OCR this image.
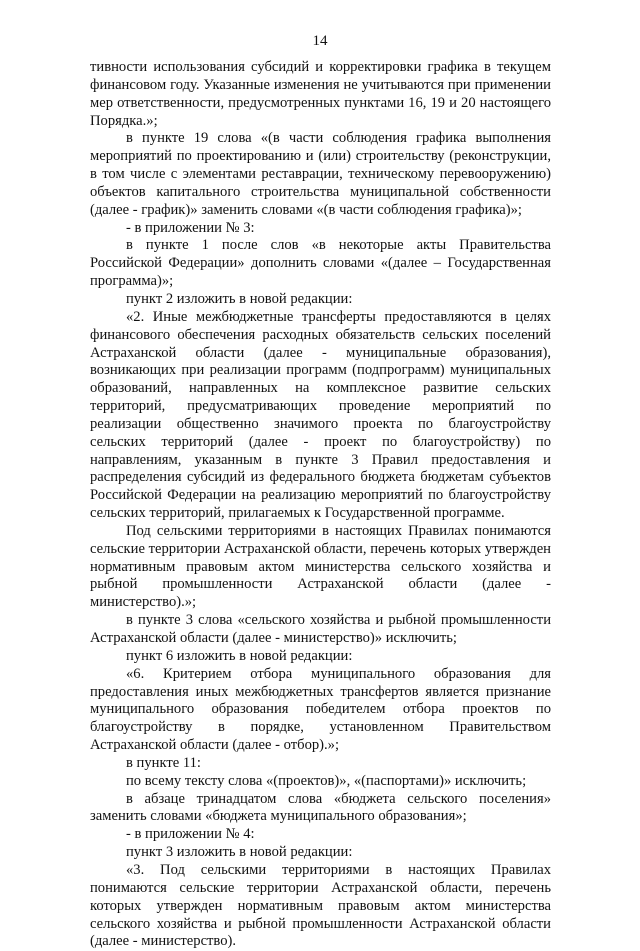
14

тивности использования субсидий и корректировки графика в текущем финансовом году. Указанные изменения не учитываются при применении мер ответственности, предусмотренных пунктами 16, 19 и 20 настоящего Порядка.»;

в пункте 19 слова «(в части соблюдения графика выполнения мероприятий по проектированию и (или) строительству (реконструкции, в том числе с элементами реставрации, техническому перевооружению) объектов капитального строительства муниципальной собственности (далее - график)» заменить словами «(в части соблюдения графика)»;

- в приложении № 3:

в пункте 1 после слов «в некоторые акты Правительства Российской Федерации» дополнить словами «(далее – Государственная программа)»;

пункт 2 изложить в новой редакции:

«2. Иные межбюджетные трансферты предоставляются в целях финансового обеспечения расходных обязательств сельских поселений Астраханской области (далее - муниципальные образования), возникающих при реализации программ (подпрограмм) муниципальных образований, направленных на комплексное развитие сельских территорий, предусматривающих проведение мероприятий по реализации общественно значимого проекта по благоустройству сельских территорий (далее - проект по благоустройству) по направлениям, указанным в пункте 3 Правил предоставления и распределения субсидий из федерального бюджета бюджетам субъектов Российской Федерации на реализацию мероприятий по благоустройству сельских территорий, прилагаемых к Государственной программе.

Под сельскими территориями в настоящих Правилах понимаются сельские территории Астраханской области, перечень которых утвержден нормативным правовым актом министерства сельского хозяйства и рыбной промышленности Астраханской области (далее - министерство).»;

в пункте 3 слова «сельского хозяйства и рыбной промышленности Астраханской области (далее - министерство)» исключить;

пункт 6 изложить в новой редакции:

«6. Критерием отбора муниципального образования для предоставления иных межбюджетных трансфертов является признание муниципального образования победителем отбора проектов по благоустройству в порядке, установленном Правительством Астраханской области (далее - отбор).»;

в пункте 11:

по всему тексту слова «(проектов)», «(паспортами)» исключить;

в абзаце тринадцатом слова «бюджета сельского поселения» заменить словами «бюджета муниципального образования»;

- в приложении № 4:

пункт 3 изложить в новой редакции:

«3. Под сельскими территориями в настоящих Правилах понимаются сельские территории Астраханской области, перечень которых утвержден нормативным правовым актом министерства сельского хозяйства и рыбной промышленности Астраханской области (далее - министерство).
